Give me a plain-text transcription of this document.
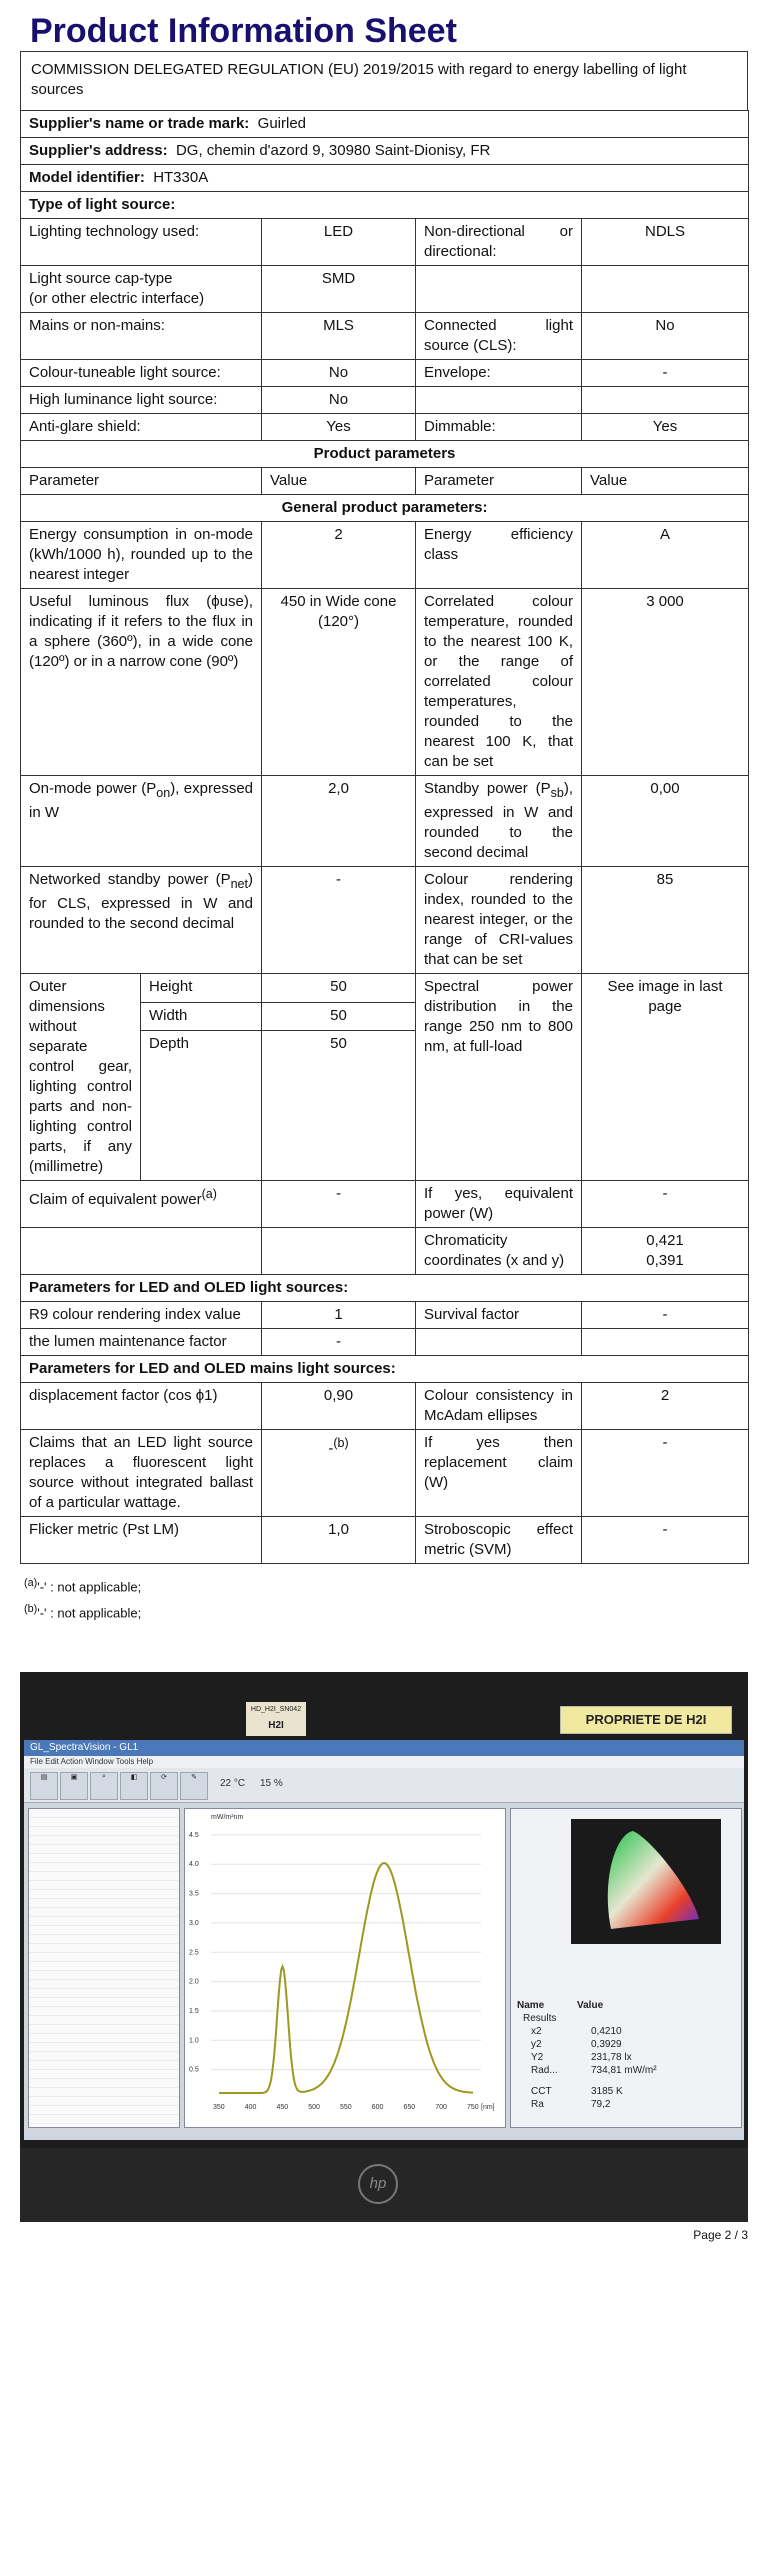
Product Information Sheet
COMMISSION DELEGATED REGULATION (EU) 2019/2015 with regard to energy labelling of light sources
Supplier's name or trade mark: Guirled				
Supplier's address: DG, chemin d'azord 9, 30980 Saint-Dionisy, FR				
Model identifier: HT330A				
Type of light source:				
Lighting technology used:		LED	Non-directional or directional:	NDLS

Light source cap-type
(or other electric interface)		SMD		
Mains or non-mains:		MLS	Connected light source (CLS):	No
Colour-tuneable light source:		No	Envelope:	-
High luminance light source:		No		
Anti-glare shield:		Yes	Dimmable:	Yes
Product parameters				
Parameter		Value	Parameter	Value
General product parameters:				
Energy consumption in on-mode (kWh/1000 h), rounded up to the nearest integer		2	Energy efficiency class	A
Useful luminous flux (ϕuse), indicating if it refers to the flux in a sphere (360º), in a wide cone (120º) or in a narrow cone (90º)		450 in Wide cone (120°)	Correlated colour temperature, rounded to the nearest 100 K, or the range of correlated colour temperatures, rounded to the nearest 100 K, that can be set	3 000
On-mode power $(P_{on})$, expressed in W		2,0	Standby power $(P_{sb})$, expressed in W and rounded to the second decimal	0,00
Networked standby power $(P_{net})$ for CLS, expressed in W and rounded to the second decimal		-	Colour rendering index, rounded to the nearest integer, or the range of CRI-values that can be set	85
Outer dimensions without separate control gear, lighting control parts and non-lighting control parts, if any (millimetre)	Height	50	Spectral power distribution in the range 250 nm to 800 nm, at full-load	See image in last page
	Width	50		
	Depth	50		
Claim of equivalent power$^{(a)}$		-	If yes, equivalent power (W)	-
			Chromaticity coordinates (x and y)	0,421
0,391

Parameters for LED and OLED light sources:				
R9 colour rendering index value		1	Survival factor	-
the lumen maintenance factor		-		
Parameters for LED and OLED mains light sources:				
displacement factor (cos ϕ1)		0,90	Colour consistency in McAdam ellipses	2
Claims that an LED light source replaces a fluorescent light source without integrated ballast of a particular wattage.		-$^{(b)}$	If yes then replacement claim (W)	-
Flicker metric (Pst LM)		1,0	Stroboscopic effect metric (SVM)	-
$^{(a)}$'-' : not applicable;
$^{(b)}$'-' : not applicable;
HD_H2I_SN042
H2I	PROPRIETE DE H2I
GL_SpectraVision - GL1
File Edit Action Window Tools Help
▤	▣	⌕	◧	⟳	✎
22 °C 15 %
mW/m²nm
0.5
1.0
1.5
2.0
2.5
3.0
3.5
4.0
4.5
350	400	450	500	550	600	650	700	750 [nm]
Name	Value
Results
x2	0,4210
y2	0,3929
Y2	231,78 lx
Rad...	734,81 mW/m²
CCT	3185 K
Ra	79,2
hp
Page 2 / 3
